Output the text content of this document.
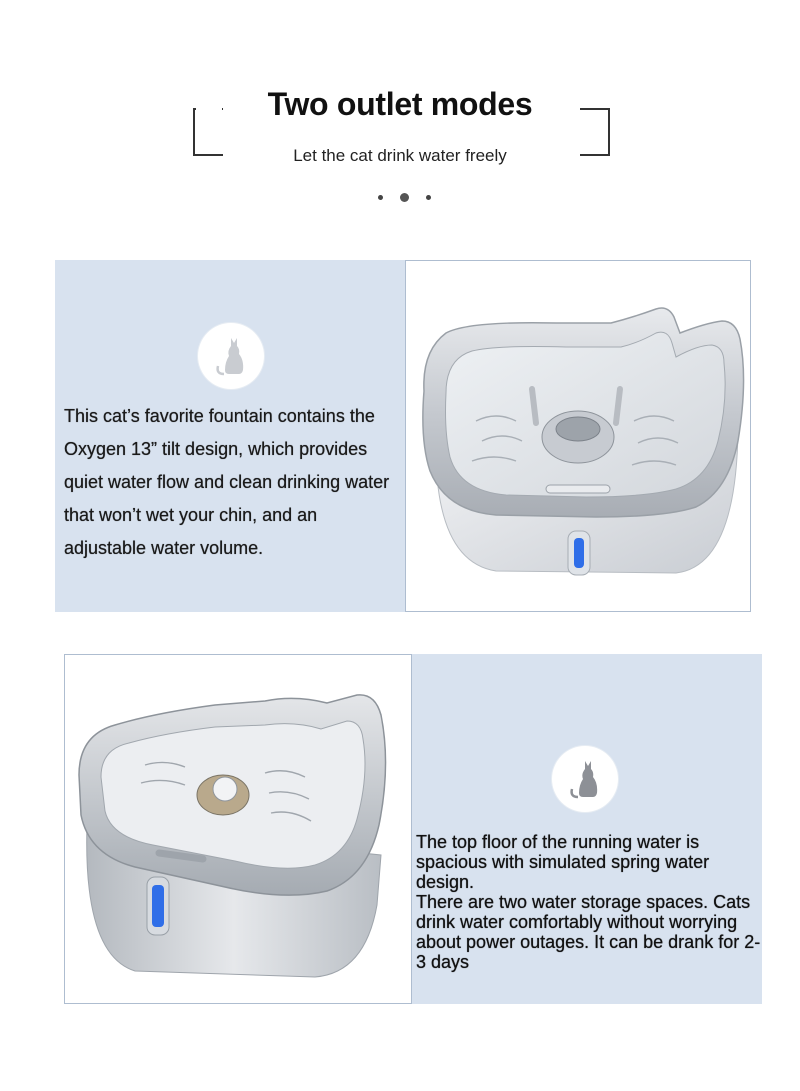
Two outlet modes
Let the cat drink water freely
This cat’s favorite fountain contains the Oxygen 13” tilt design, which provides quiet water flow and clean drinking water that won’t wet your chin, and an adjustable water volume.

The top floor of the running water is spacious with simulated spring water design.

There are two water storage spaces. Cats drink water comfortably without worrying about power outages. It can be drank for 2-3 days
